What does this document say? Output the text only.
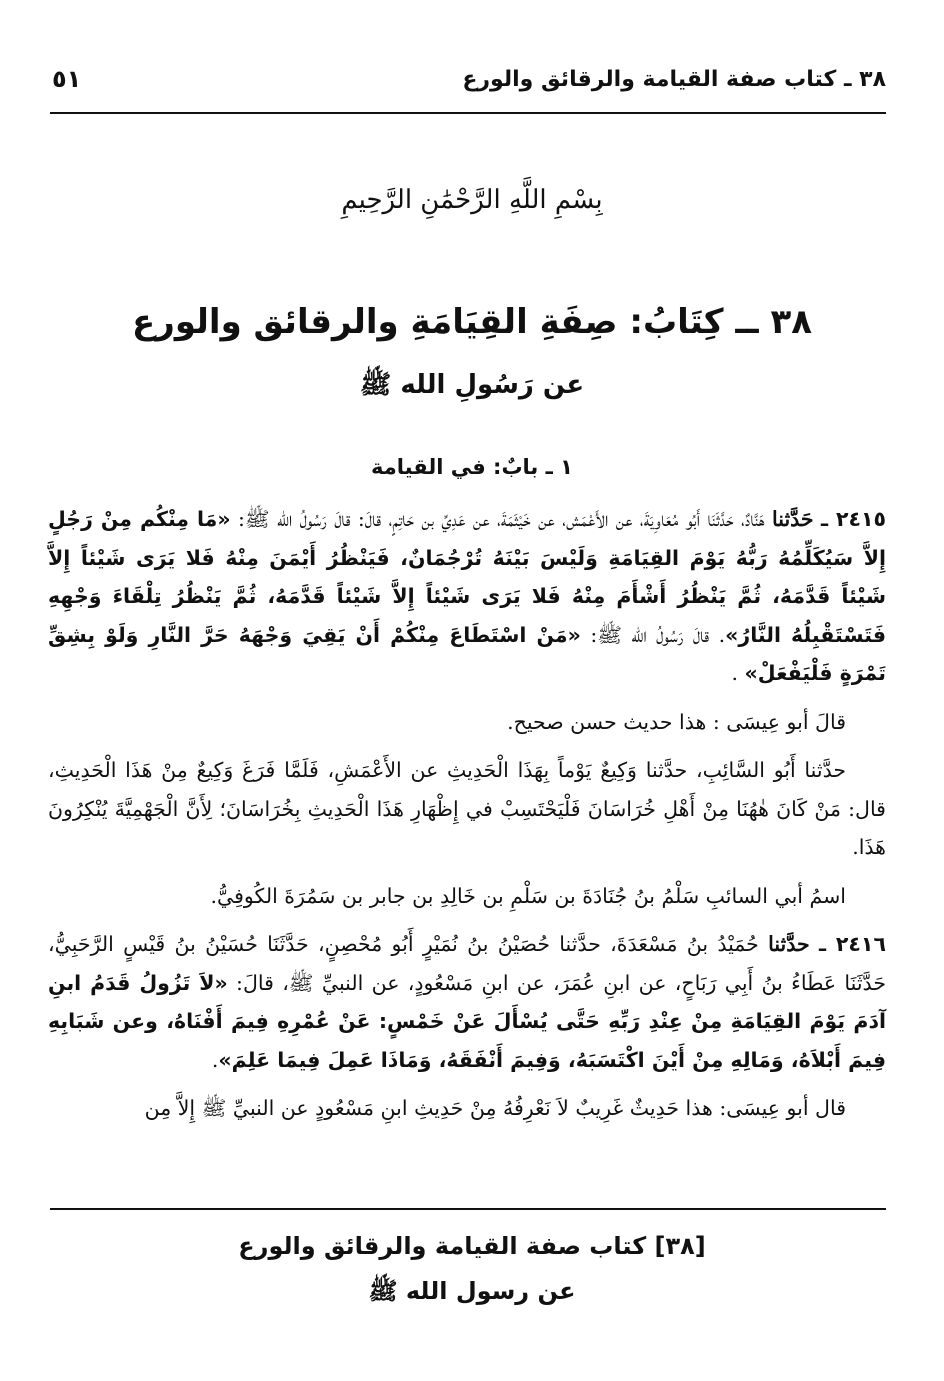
٣٨ ـ كتاب صفة القيامة والرقائق والورع
٥١
بِسْمِ اللَّهِ الرَّحْمَٰنِ الرَّحِيمِ
٣٨ ــ كِتَابُ: صِفَةِ القِيَامَةِ والرقائق والورع
عن رَسُولِ الله ﷺ
١ ـ بابٌ: في القيامة

٢٤١٥ ـ حَدَّثنا هَنَّادٌ، حَدَّثَنَا أَبُو مُعَاوِيَةَ، عن الأَعْمَش، عن خَيْثَمَةَ، عن عَدِيِّ بن حَاتِمٍ، قالَ: قالَ رَسُولُ الله ﷺ: «مَا مِنْكُم مِنْ رَجُلٍ إِلاَّ سَيُكَلِّمُهُ رَبُّهُ يَوْمَ القِيَامَةِ وَلَيْسَ بَيْنَهُ تُرْجُمَانٌ، فَيَنْظُرُ أَيْمَنَ مِنْهُ فَلا يَرَى شَيْئاً إِلاَّ شَيْئاً قَدَّمَهُ، ثُمَّ يَنْظُرُ أَشْأَمَ مِنْهُ فَلا يَرَى شَيْئاً إِلاَّ شَيْئاً قَدَّمَهُ، ثُمَّ يَنْظُرُ تِلْقَاءَ وَجْهِهِ فَتَسْتَقْبِلُهُ النَّارُ». قالَ رَسُولُ الله ﷺ: «مَنْ اسْتَطَاعَ مِنْكُمْ أَنْ يَقِيَ وَجْهَهُ حَرَّ النَّارِ وَلَوْ بِشِقِّ تَمْرَةٍ فَلْيَفْعَلْ» .

قالَ أبو عِيسَى : هذا حديث حسن صحيح.

حدَّثنا أَبُو السَّائِبِ، حدَّثنا وَكِيعٌ يَوْماً بِهَذَا الْحَدِيثِ عن الأَعْمَشِ، فَلَمَّا فَرَغَ وَكِيعٌ مِنْ هَذَا الْحَدِيثِ، قال: مَنْ كَانَ هٰهُنَا مِنْ أَهْلِ خُرَاسَانَ فَلْيَحْتَسِبْ في إِظْهَارِ هَذَا الْحَدِيثِ بِخُرَاسَانَ؛ لِأَنَّ الْجَهْمِيَّةَ يُنْكِرُونَ هَذَا.

اسمُ أبي السائبِ سَلْمُ بنُ جُنَادَةَ بن سَلْمِ بن خَالِدِ بن جابر بن سَمُرَةَ الكُوفِيُّ.

٢٤١٦ ـ حدَّثنا حُمَيْدُ بنُ مَسْعَدَةَ، حدَّثنا حُصَيْنُ بنُ نُمَيْرٍ أَبُو مُحْصِنٍ، حَدَّثَنَا حُسَيْنُ بنُ قَيْسٍ الرَّحَبِيُّ، حَدَّثَنَا عَطَاءُ بنُ أَبِي رَبَاحٍ، عن ابنِ عُمَرَ، عن ابنِ مَسْعُودٍ، عن النبيِّ ﷺ، قالَ: «لاَ تَزُولُ قَدَمُ ابنِ آدَمَ يَوْمَ القِيَامَةِ مِنْ عِنْدِ رَبِّهِ حَتَّى يُسْأَلَ عَنْ خَمْسٍ: عَنْ عُمْرِهِ فِيمَ أَفْنَاهُ، وعن شَبَابِهِ فِيمَ أَبْلاَهُ، وَمَالِهِ مِنْ أَيْنَ اكْتَسَبَهُ، وَفِيمَ أَنْفَقَهُ، وَمَاذَا عَمِلَ فِيمَا عَلِمَ».

قال أبو عِيسَى: هذا حَدِيثٌ غَرِيبٌ لاَ نَعْرِفُهُ مِنْ حَدِيثِ ابنِ مَسْعُودٍ عن النبيِّ ﷺ إِلاَّ مِن

[٣٨] كتاب صفة القيامة والرقائق والورع
عن رسول الله ﷺ
